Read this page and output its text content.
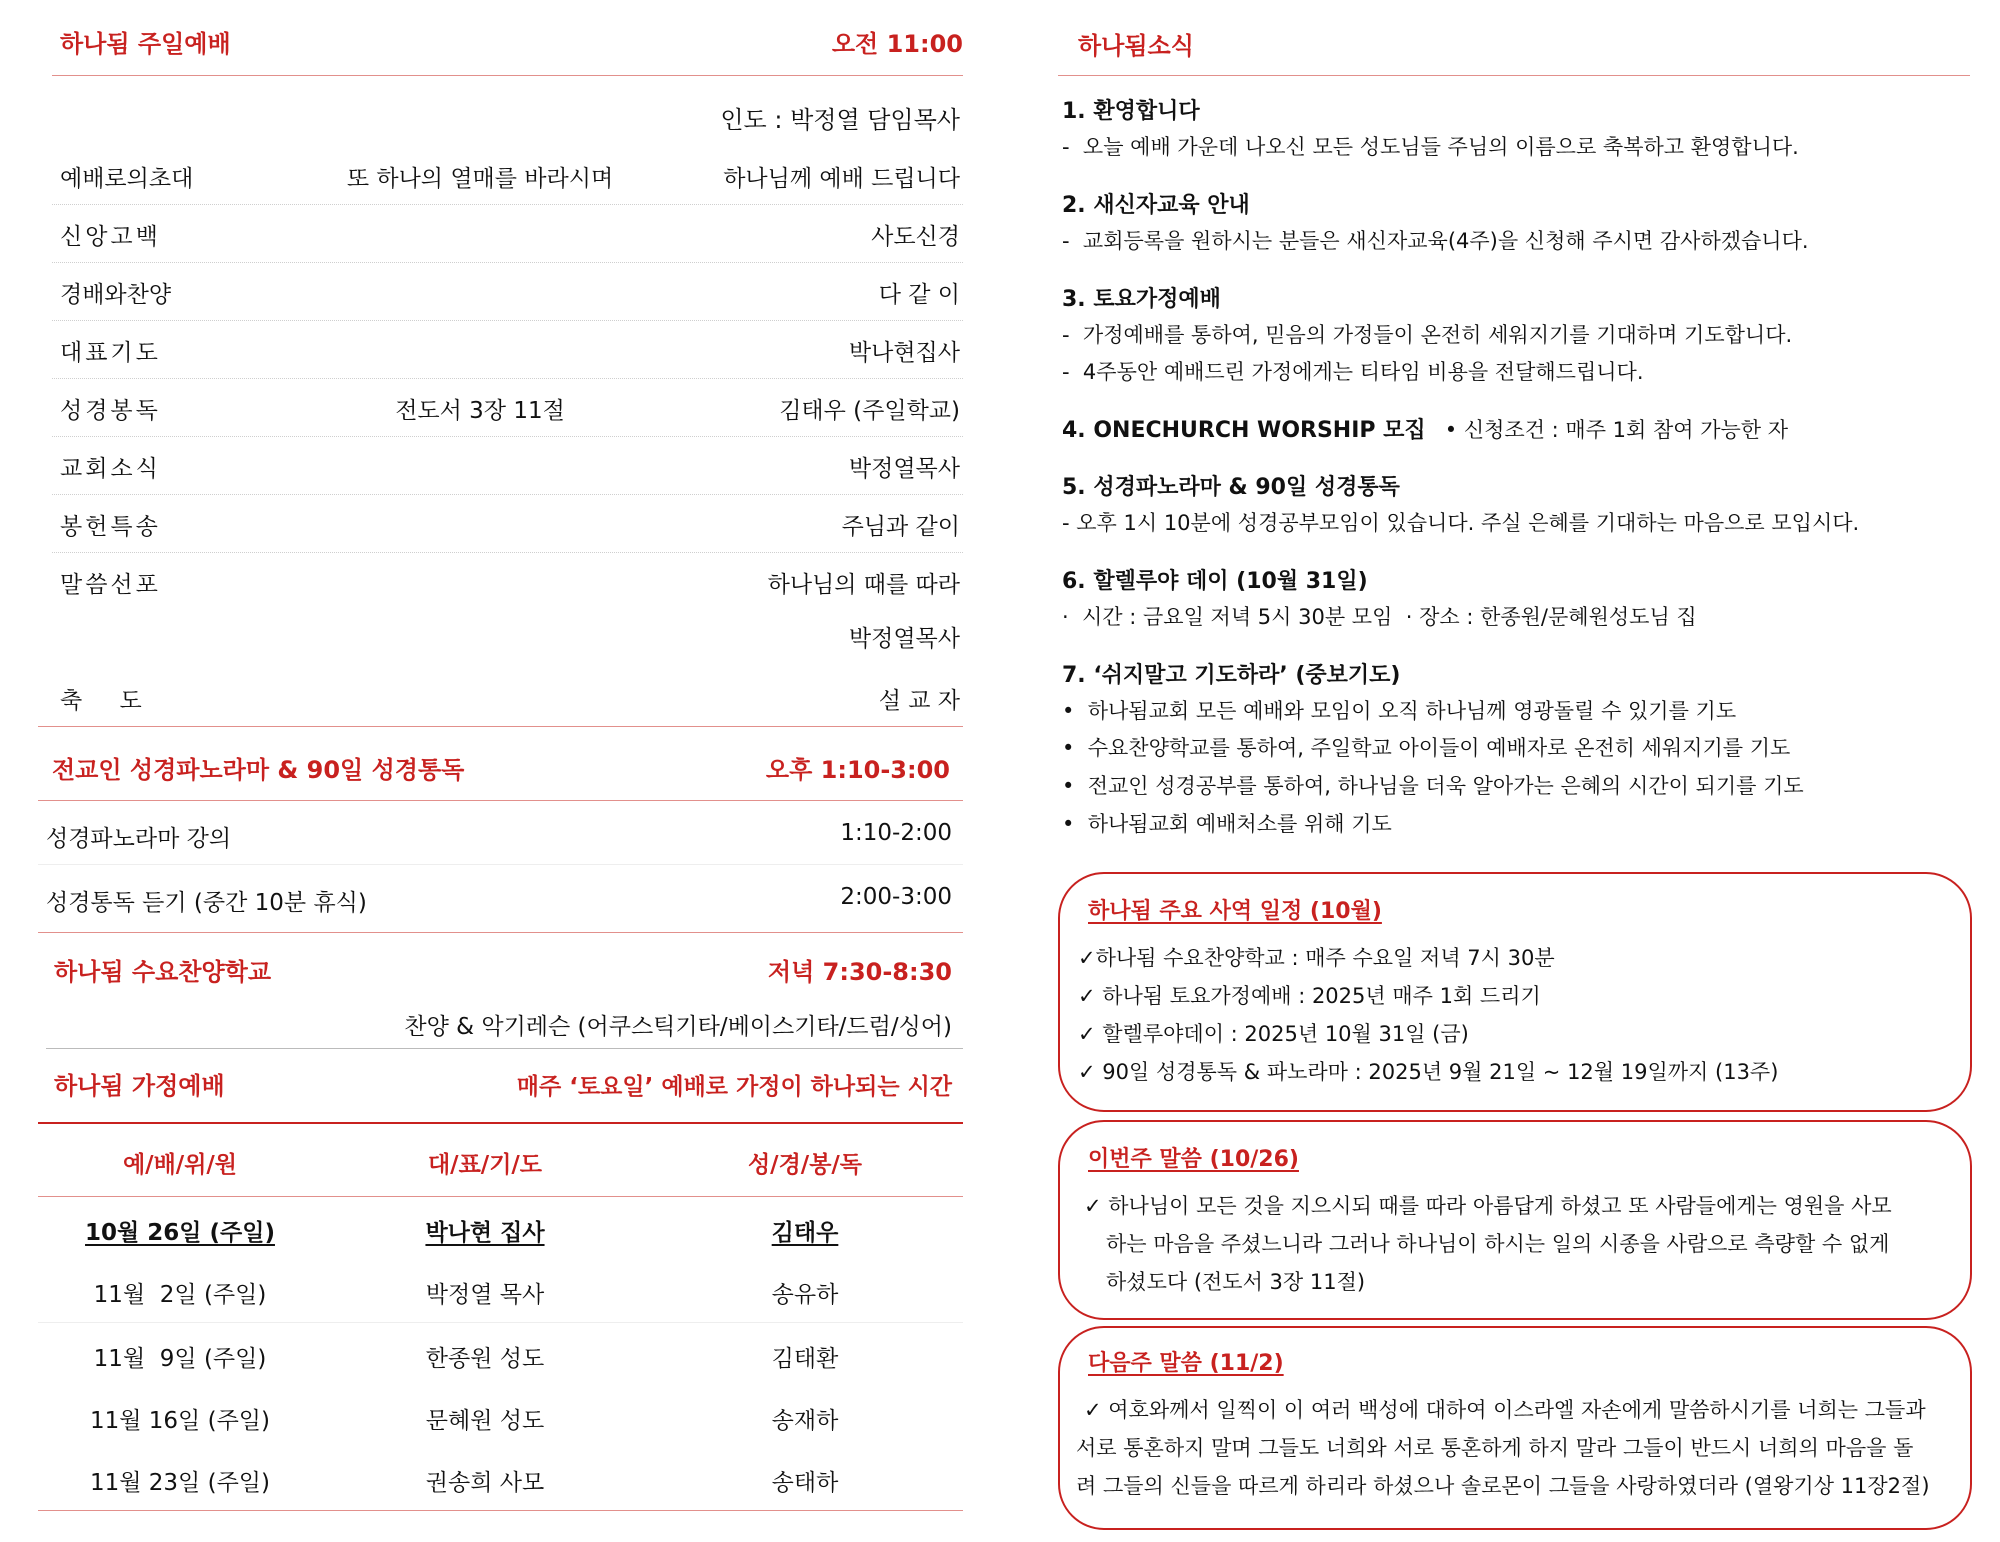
하나됨 주일예배	오전 11:00
인도 : 박정열 담임목사
예배로의초대	또 하나의 열매를 바라시며	하나님께 예배 드립니다
신앙고백	사도신경
경배와찬양	다 같 이
대표기도	박나현집사
성경봉독	전도서 3장 11절	김태우 (주일학교)
교회소식	박정열목사
봉헌특송	주님과 같이
말씀선포	하나님의 때를 따라
박정열목사
축 도	설 교 자
전교인 성경파노라마 & 90일 성경통독	오후 1:10-3:00
성경파노라마 강의	1:10-2:00
성경통독 듣기 (중간 10분 휴식)	2:00-3:00
하나됨 수요찬양학교	저녁 7:30-8:30
찬양 & 악기레슨 (어쿠스틱기타/베이스기타/드럼/싱어)
하나됨 가정예배	매주 ‘토요일’ 예배로 가정이 하나되는 시간
예/배/위/원	대/표/기/도	성/경/봉/독
10월 26일 (주일)	박나현 집사	김태우
11월  2일 (주일)	박정열 목사	송유하
11월  9일 (주일)	한종원 성도	김태환
11월 16일 (주일)	문혜원 성도	송재하
11월 23일 (주일)	권송희 사모	송태하
하나됨소식
1. 환영합니다
-  오늘 예배 가운데 나오신 모든 성도님들 주님의 이름으로 축복하고 환영합니다.
2. 새신자교육 안내
-  교회등록을 원하시는 분들은 새신자교육(4주)을 신청해 주시면 감사하겠습니다.
3. 토요가정예배
-  가정예배를 통하여, 믿음의 가정들이 온전히 세워지기를 기대하며 기도합니다.
-  4주동안 예배드린 가정에게는 티타임 비용을 전달해드립니다.
4. ONECHURCH WORSHIP 모집 • 신청조건 : 매주 1회 참여 가능한 자
5. 성경파노라마 & 90일 성경통독
- 오후 1시 10분에 성경공부모임이 있습니다. 주실 은혜를 기대하는 마음으로 모입시다.
6. 할렐루야 데이 (10월 31일)
·  시간 : 금요일 저녁 5시 30분 모임  · 장소 : 한종원/문혜원성도님 집
7. ‘쉬지말고 기도하라’ (중보기도)
•  하나됨교회 모든 예배와 모임이 오직 하나님께 영광돌릴 수 있기를 기도
•  수요찬양학교를 통하여, 주일학교 아이들이 예배자로 온전히 세워지기를 기도
•  전교인 성경공부를 통하여, 하나님을 더욱 알아가는 은혜의 시간이 되기를 기도
•  하나됨교회 예배처소를 위해 기도
하나됨 주요 사역 일정 (10월)
✓하나됨 수요찬양학교 : 매주 수요일 저녁 7시 30분
✓ 하나됨 토요가정예배 : 2025년 매주 1회 드리기
✓ 할렐루야데이 : 2025년 10월 31일 (금)
✓ 90일 성경통독 & 파노라마 : 2025년 9월 21일 ~ 12월 19일까지 (13주)
이번주 말씀 (10/26)
✓ 하나님이 모든 것을 지으시되 때를 따라 아름답게 하셨고 또 사람들에게는 영원을 사모
하는 마음을 주셨느니라 그러나 하나님이 하시는 일의 시종을 사람으로 측량할 수 없게
하셨도다 (전도서 3장 11절)
다음주 말씀 (11/2)
✓ 여호와께서 일찍이 이 여러 백성에 대하여 이스라엘 자손에게 말씀하시기를 너희는 그들과
서로 통혼하지 말며 그들도 너희와 서로 통혼하게 하지 말라 그들이 반드시 너희의 마음을 돌
려 그들의 신들을 따르게 하리라 하셨으나 솔로몬이 그들을 사랑하였더라 (열왕기상 11장2절)
